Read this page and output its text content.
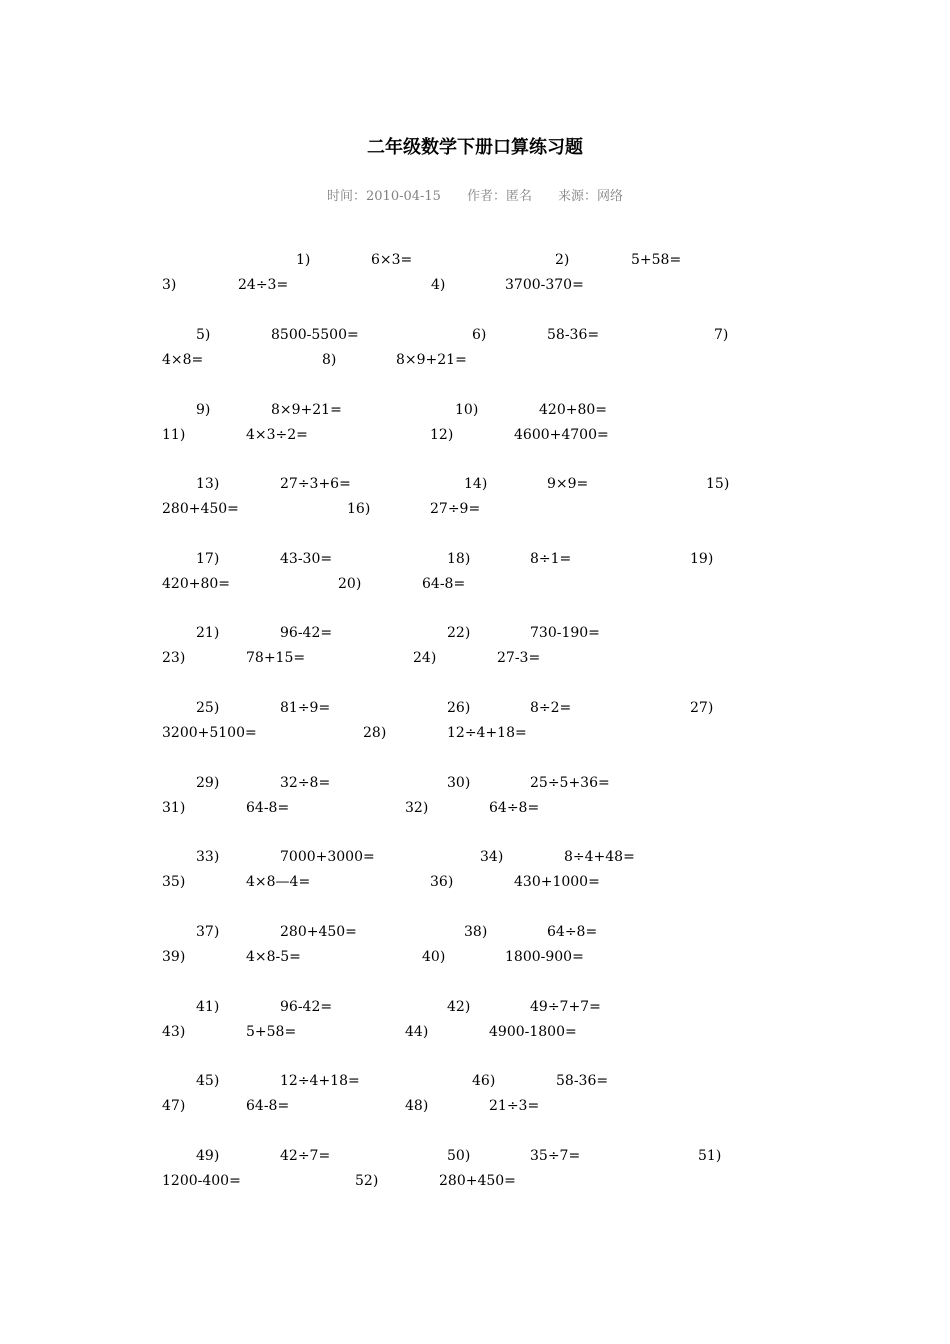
二年级数学下册口算练习题
时间：2010-04-15 作者：匿名 来源：网络
1)	6×3=	2)	5+58=
3)	24÷3=	4)	3700-370=
5)	8500-5500=	6)	58-36=	7)
4×8=	8)	8×9+21=
9)	8×9+21=	10)	420+80=
11)	4×3÷2=	12)	4600+4700=
13)	27÷3+6=	14)	9×9=	15)
280+450=	16)	27÷9=
17)	43-30=	18)	8÷1=	19)
420+80=	20)	64-8=
21)	96-42=	22)	730-190=
23)	78+15=	24)	27-3=
25)	81÷9=	26)	8÷2=	27)
3200+5100=	28)	12÷4+18=
29)	32÷8=	30)	25÷5+36=
31)	64-8=	32)	64÷8=
33)	7000+3000=	34)	8÷4+48=
35)	4×8—4=	36)	430+1000=
37)	280+450=	38)	64÷8=
39)	4×8-5=	40)	1800-900=
41)	96-42=	42)	49÷7+7=
43)	5+58=	44)	4900-1800=
45)	12÷4+18=	46)	58-36=
47)	64-8=	48)	21÷3=
49)	42÷7=	50)	35÷7=	51)
1200-400=	52)	280+450=
